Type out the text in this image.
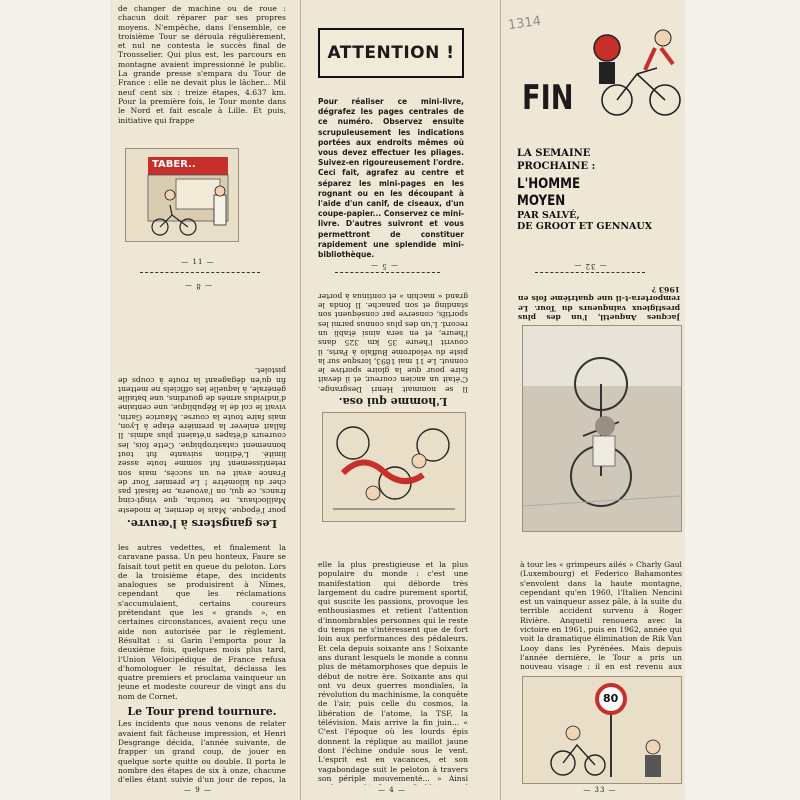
1314

de changer de machine ou de roue : chacun doit réparer par ses propres moyens. N'empêche, dans l'ensemble, ce troisième Tour se déroula régulièrement, et nul ne contesta le succès final de Trousselier. Qui plus est, les parcours en montagne avaient impressionné le public. La grande presse s'empara du Tour de France : elle ne devait plus le lâcher... Mil neuf cent six : treize étapes, 4.637 km. Pour la première fois, le Tour monte dans le Nord et fait escale à Lille. Et puis, initiative qui frappe

TABER..
— 11 —
ATTENTION !
Pour réaliser ce mini-livre, dégrafez les pages centrales de ce numéro. Observez ensuite scrupuleusement les indications portées aux endroits mêmes où vous devez effectuer les pliages. Suivez-en rigoureusement l'ordre. Ceci fait, agrafez au centre et séparez les mini-pages en les rognant ou en les découpant à l'aide d'un canif, de ciseaux, d'un coupe-papier... Conservez ce mini-livre. D'autres suivront et vous permettront de constituer rapidement une splendide mini-bibliothèque.
— 5 —
FIN
LA SEMAINE
PROCHAINE :
L'HOMME
MOYEN
PAR SALVÉ,
DE GROOT ET GENNAUX
— 32 —
— 8 —

Les gangsters à l'œuvre.

pour l'époque. Mais le dernier, le modeste Maillochaux, ne toucha, que vingt-cinq francs, ce qui, on l'avouera, ne faisait pas cher du kilomètre ! Le premier Tour de France avait eu un succès, mais son retentissement fut somme toute assez limité. L'édition suivante fut tout bonnement catastrophique. Cette fois, les coureurs d'étapes n'étaient plus admis. Il fallait enlever la première étape à Lyon, mais faire toute la course. Maurice Garin, vivait le col de la République, une centaine d'individus armés de gourdins, une bataille générale, à laquelle les officiels ne mettent fin qu'en dégageant la route à coups de pistolet.

L'homme qui osa.

Il se nommait Henri Desgrange. C'était un ancien coureur, et il devait faire pour que la gloire sportive le connut. Le 11 mai 1893, lorsque sur la piste du vélodrome Buffalo à Paris, il couvrit l'heure 35 km 325 dans l'heure, et en sera ainsi établi un record. L'un des plus connus parmi les sportifs, conserve par conséquent son standing et son panache. Il fonda le grand « machin » et continua à porter

Jacques Anquetil, l'un des plus prestigieux vainqueurs du Tour. Le remportera-t-il une quatrième fois en 1963 ?

les autres vedettes, et finalement la caravane passa. Un peu honteux, Faure se faisait tout petit en queue du peloton. Lors de la troisième étape, des incidents analogues se produisirent à Nîmes, cependant que les réclamations s'accumulaient, certains coureurs prétendant que les « grands », en certaines circonstances, avaient reçu une aide non autorisée par le règlement. Résultat : si Garin l'emporta pour la deuxième fois, quelques mois plus tard, l'Union Vélocipédique de France refusa d'homologuer le résultat, déclassa les quatre premiers et proclama vainqueur un jeune et modeste coureur de vingt ans du nom de Cornet.

Le Tour prend tournure.

Les incidents que nous venons de relater avaient fait fâcheuse impression, et Henri Desgrange décida, l'année suivante, de frapper un grand coup, de jouer en quelque sorte quitte ou double. Il porta le nombre des étapes de six à onze, chacune d'elles étant suivie d'un jour de repos, la

— 9 —

elle la plus prestigieuse et la plus populaire du monde : c'est une manifestation qui déborde très largement du cadre purement sportif, qui suscite les passions, provoque les enthousiasmes et retient l'attention d'innombrables personnes qui le reste du temps ne s'intéressent que de fort loin aux performances des pédaleurs. Et cela depuis soixante ans ! Soixante ans durant lesquels le monde a connu plus de métamorphoses que depuis le début de notre ère. Soixante ans qui ont vu deux guerres mondiales, la révolution du machinisme, la conquête de l'air, puis celle du cosmos, la libération de l'atome, la TSF, la télévision. Mais arrive la fin juin... « C'est l'époque où les lourds épis donnent la réplique au maillot jaune dont l'échine ondule sous le vent. L'esprit est en vacances, et son vagabondage suit le peloton à travers son périple mouvementé... » Ainsi

— 4 —

à tour les « grimpeurs ailés » Charly Gaul (Luxembourg) et Federico Bahamontes s'envolent dans la haute montagne, cependant qu'en 1960, l'Italien Nencini est un vainqueur assez pâle, à la suite du terrible accident survenu à Roger Rivière. Anquetil renouera avec la victoire en 1961, puis en 1962, année qui voit la dramatique élimination de Rik Van Looy dans les Pyrénées. Mais depuis l'année dernière, le Tour a pris un nouveau visage : il en est revenu aux

80
— 33 —
